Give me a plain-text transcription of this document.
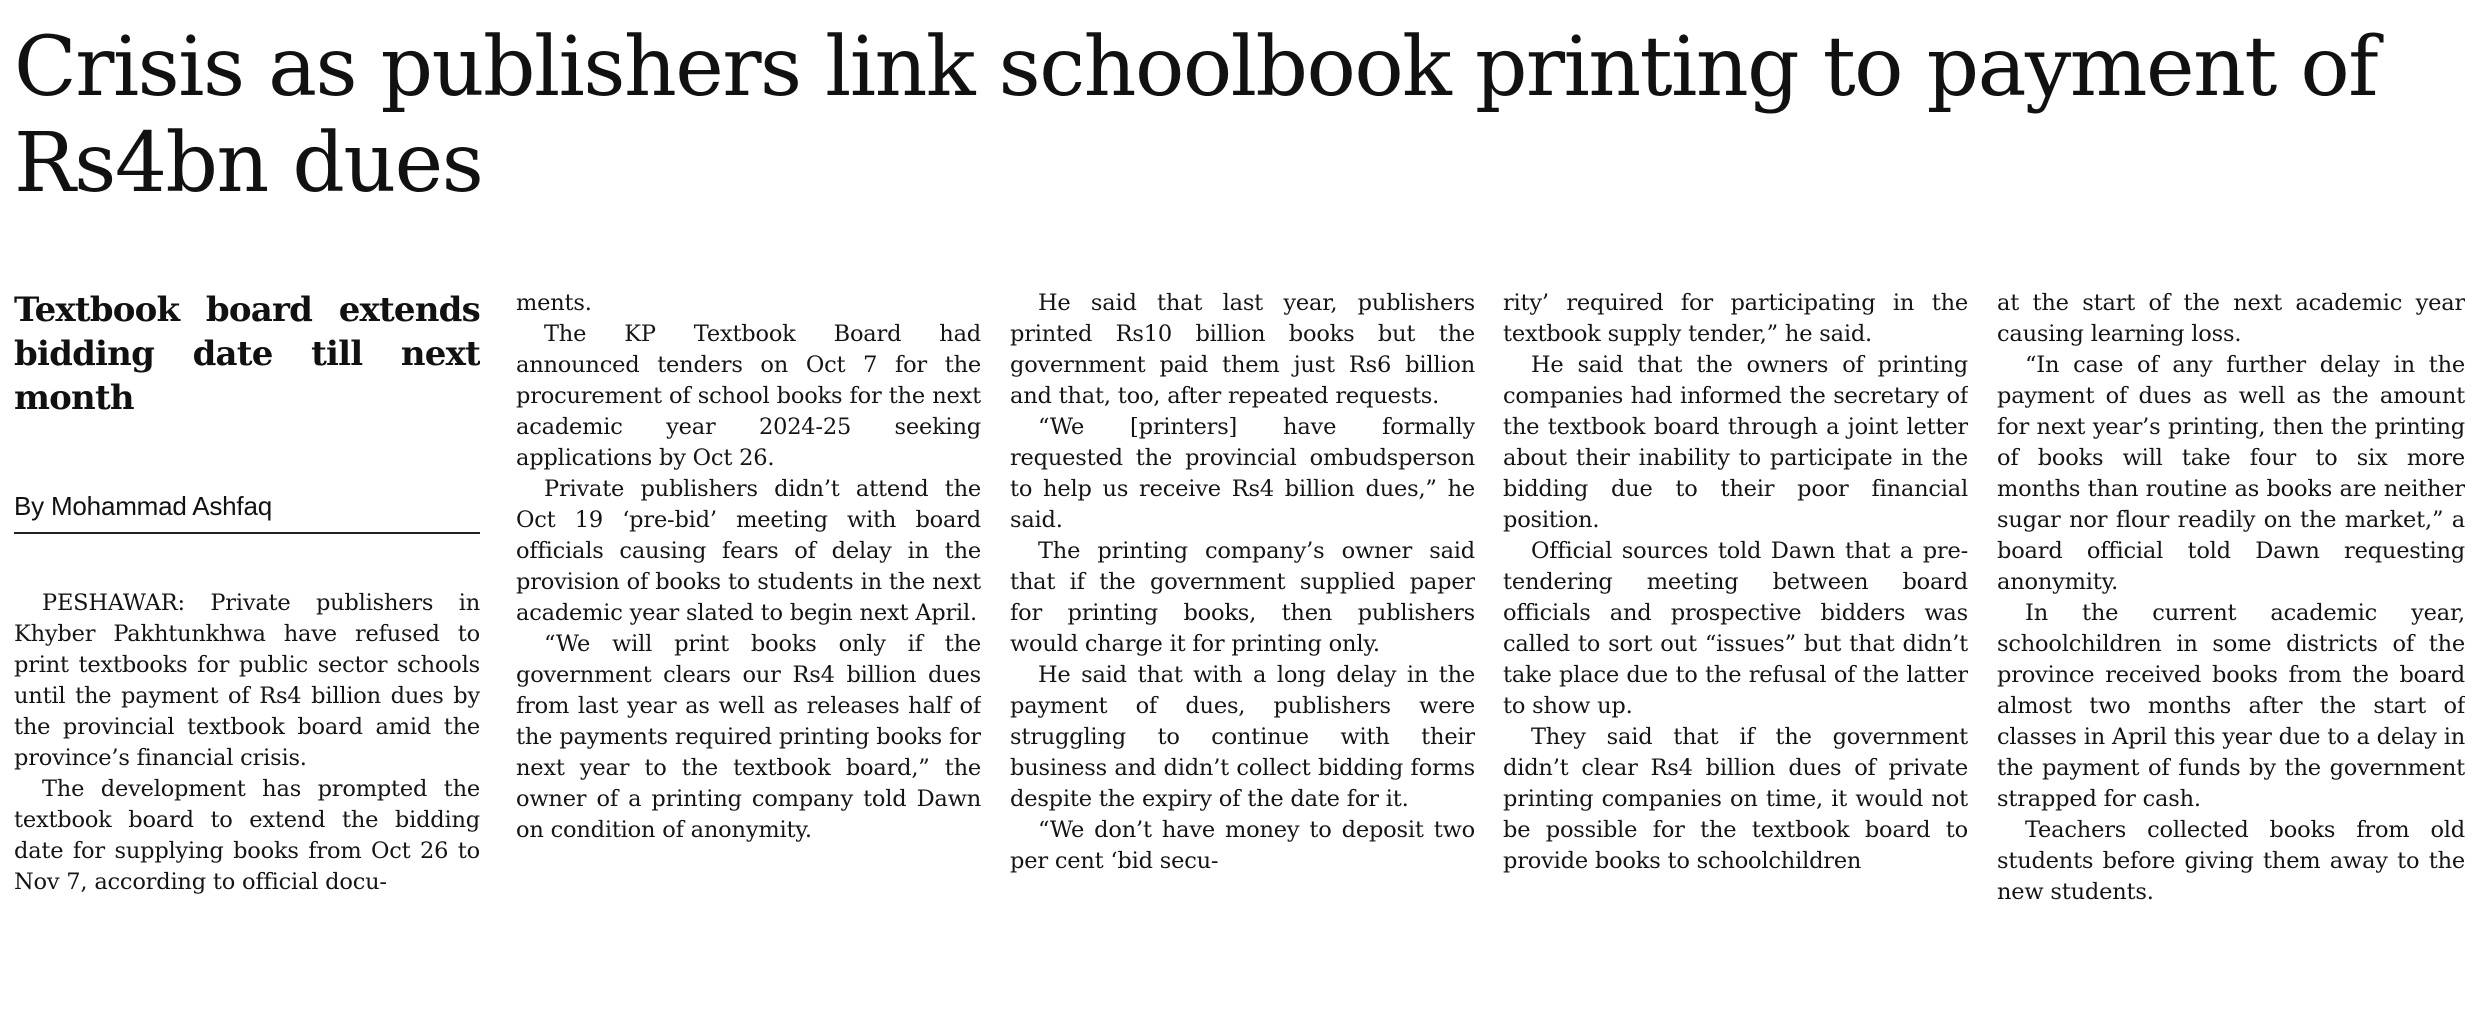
Crisis as publishers link schoolbook printing to payment of Rs4bn dues
Textbook board extends bidding date till next month
By Mohammad Ashfaq

PESHAWAR: Private publishers in Khyber Pakhtunkhwa have refused to print textbooks for public sector schools until the payment of Rs4 billion dues by the provincial textbook board amid the province’s financial crisis.

The development has prompted the textbook board to extend the bidding date for supplying books from Oct 26 to Nov 7, according to official docu-

ments.

The KP Textbook Board had announced tenders on Oct 7 for the procurement of school books for the next academic year 2024-25 seeking applications by Oct 26.

Private publishers didn’t attend the Oct 19 ‘pre-bid’ meeting with board officials causing fears of delay in the provision of books to students in the next academic year slated to begin next April.

“We will print books only if the government clears our Rs4 billion dues from last year as well as releases half of the payments required printing books for next year to the textbook board,” the owner of a printing company told Dawn on condition of anonymity.

He said that last year, publishers printed Rs10 billion books but the government paid them just Rs6 billion and that, too, after repeated requests.

“We [printers] have formally requested the provincial ombudsperson to help us receive Rs4 billion dues,” he said.

The printing company’s owner said that if the government supplied paper for printing books, then publishers would charge it for printing only.

He said that with a long delay in the payment of dues, publishers were struggling to continue with their business and didn’t collect bidding forms despite the expiry of the date for it.

“We don’t have money to deposit two per cent ‘bid secu-

rity’ required for participating in the textbook supply tender,” he said.

He said that the owners of printing companies had informed the secretary of the textbook board through a joint letter about their inability to participate in the bidding due to their poor financial position.

Official sources told Dawn that a pre-tendering meeting between board officials and prospective bidders was called to sort out “issues” but that didn’t take place due to the refusal of the latter to show up.

They said that if the government didn’t clear Rs4 billion dues of private printing companies on time, it would not be possible for the textbook board to provide books to schoolchildren

at the start of the next academic year causing learning loss.

“In case of any further delay in the payment of dues as well as the amount for next year’s printing, then the printing of books will take four to six more months than routine as books are neither sugar nor flour readily on the market,” a board official told Dawn requesting anonymity.

In the current academic year, schoolchildren in some districts of the province received books from the board almost two months after the start of classes in April this year due to a delay in the payment of funds by the government strapped for cash.

Teachers collected books from old students before giving them away to the new students.
